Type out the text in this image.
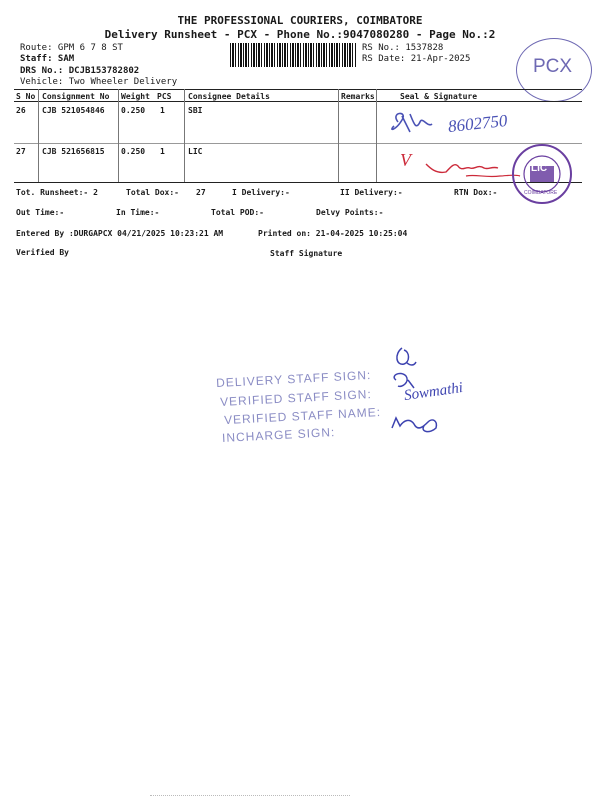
THE PROFESSIONAL COURIERS, COIMBATORE
Delivery Runsheet - PCX - Phone No.:9047080280 - Page No.:2
Route: GPM 6 7 8 ST
Staff: SAM
DRS No.: DCJB153782802
Vehicle: Two Wheeler Delivery
RS No.: 1537828
RS Date: 21-Apr-2025	PCX
S No Consignment No Weight PCS Consignee Details	Remarks	Seal & Signature
26 CJB 521054846 0.250 1	SBI
27 CJB 521656815 0.250 1	LIC
8602750
V	LIC
COIMBATORE
Tot. Runsheet:- 2	Total Dox:- 27	I Delivery:-	II Delivery:-	RTN Dox:-
Out Time:-	In Time:-	Total POD:-	Delvy Points:-
Entered By :DURGAPCX 04/21/2025 10:23:21 AM	Printed on: 21-04-2025 10:25:04
Verified By	Staff Signature
DELIVERY STAFF SIGN:
VERIFIED STAFF SIGN:
VERIFIED STAFF NAME:
INCHARGE SIGN:
Sowmathi
